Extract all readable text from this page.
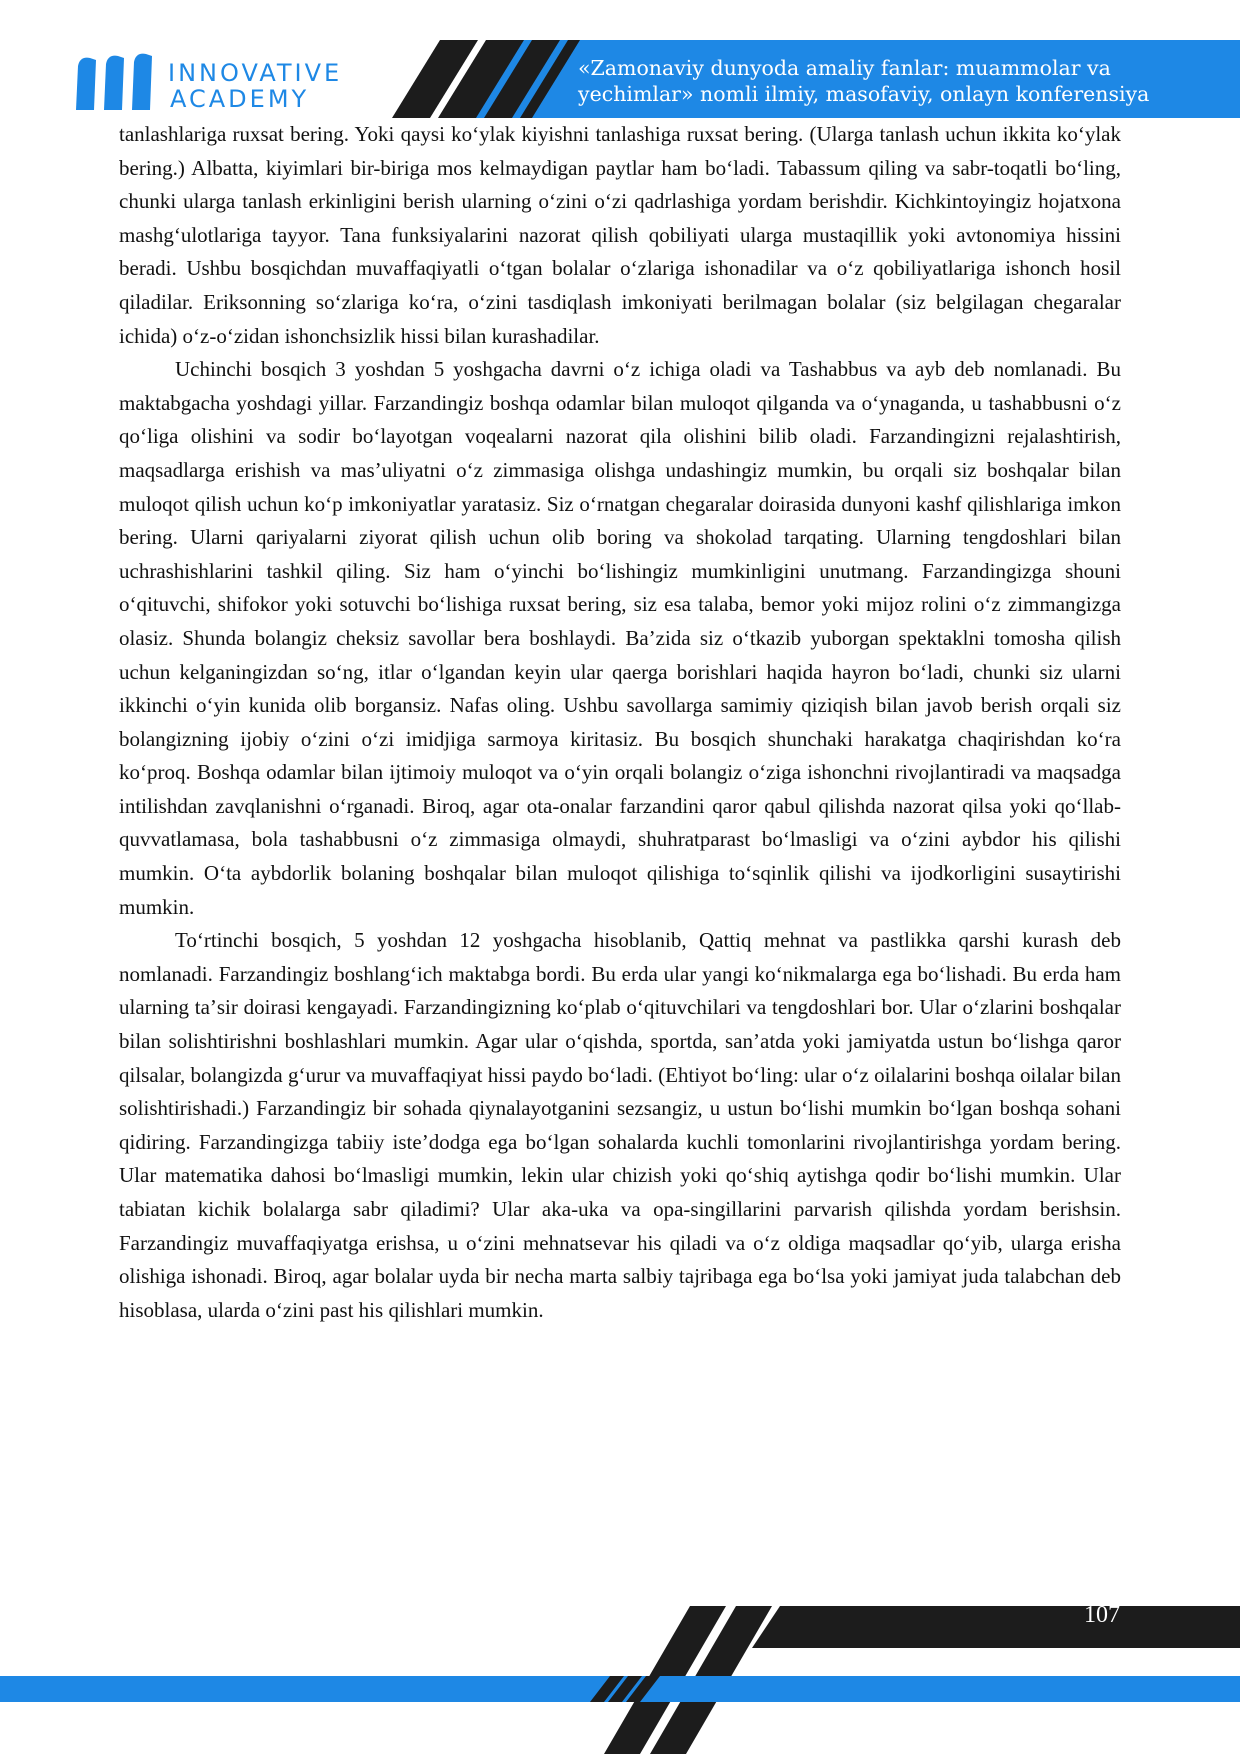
INNOVATIVE
ACADEMY
«Zamonaviy dunyoda amaliy fanlar: muammolar va
yechimlar» nomli ilmiy, masofaviy, onlayn konferensiya

tanlashlariga ruxsat bering. Yoki qaysi koʻylak kiyishni tanlashiga ruxsat bering. (Ularga tanlash uchun ikkita koʻylak bering.) Albatta, kiyimlari bir-biriga mos kelmaydigan paytlar ham boʻladi. Tabassum qiling va sabr-toqatli boʻling, chunki ularga tanlash erkinligini berish ularning oʻzini oʻzi qadrlashiga yordam berishdir. Kichkintoyingiz hojatxona mashgʻulotlariga tayyor. Tana funksiyalarini nazorat qilish qobiliyati ularga mustaqillik yoki avtonomiya hissini beradi. Ushbu bosqichdan muvaffaqiyatli oʻtgan bolalar oʻzlariga ishonadilar va oʻz qobiliyatlariga ishonch hosil qiladilar. Eriksonning soʻzlariga koʻra, oʻzini tasdiqlash imkoniyati berilmagan bolalar (siz belgilagan chegaralar ichida) oʻz-oʻzidan ishonchsizlik hissi bilan kurashadilar.

Uchinchi bosqich 3 yoshdan 5 yoshgacha davrni oʻz ichiga oladi va Tashabbus va ayb deb nomlanadi. Bu maktabgacha yoshdagi yillar. Farzandingiz boshqa odamlar bilan muloqot qilganda va oʻynaganda, u tashabbusni oʻz qoʻliga olishini va sodir boʻlayotgan voqealarni nazorat qila olishini bilib oladi. Farzandingizni rejalashtirish, maqsadlarga erishish va masʼuliyatni oʻz zimmasiga olishga undashingiz mumkin, bu orqali siz boshqalar bilan muloqot qilish uchun koʻp imkoniyatlar yaratasiz. Siz oʻrnatgan chegaralar doirasida dunyoni kashf qilishlariga imkon bering. Ularni qariyalarni ziyorat qilish uchun olib boring va shokolad tarqating. Ularning tengdoshlari bilan uchrashishlarini tashkil qiling. Siz ham oʻyinchi boʻlishingiz mumkinligini unutmang. Farzandingizga shouni oʻqituvchi, shifokor yoki sotuvchi boʻlishiga ruxsat bering, siz esa talaba, bemor yoki mijoz rolini oʻz zimmangizga olasiz. Shunda bolangiz cheksiz savollar bera boshlaydi. Baʼzida siz oʻtkazib yuborgan spektaklni tomosha qilish uchun kelganingizdan soʻng, itlar oʻlgandan keyin ular qaerga borishlari haqida hayron boʻladi, chunki siz ularni ikkinchi oʻyin kunida olib borgansiz. Nafas oling. Ushbu savollarga samimiy qiziqish bilan javob berish orqali siz bolangizning ijobiy oʻzini oʻzi imidjiga sarmoya kiritasiz. Bu bosqich shunchaki harakatga chaqirishdan koʻra koʻproq. Boshqa odamlar bilan ijtimoiy muloqot va oʻyin orqali bolangiz oʻziga ishonchni rivojlantiradi va maqsadga intilishdan zavqlanishni oʻrganadi. Biroq, agar ota-onalar farzandini qaror qabul qilishda nazorat qilsa yoki qoʻllab-quvvatlamasa, bola tashabbusni oʻz zimmasiga olmaydi, shuhratparast boʻlmasligi va oʻzini aybdor his qilishi mumkin. Oʻta aybdorlik bolaning boshqalar bilan muloqot qilishiga toʻsqinlik qilishi va ijodkorligini susaytirishi mumkin.

Toʻrtinchi bosqich, 5 yoshdan 12 yoshgacha hisoblanib, Qattiq mehnat va pastlikka qarshi kurash deb nomlanadi. Farzandingiz boshlangʻich maktabga bordi. Bu erda ular yangi koʻnikmalarga ega boʻlishadi. Bu erda ham ularning taʼsir doirasi kengayadi. Farzandingizning koʻplab oʻqituvchilari va tengdoshlari bor. Ular oʻzlarini boshqalar bilan solishtirishni boshlashlari mumkin. Agar ular oʻqishda, sportda, sanʼatda yoki jamiyatda ustun boʻlishga qaror qilsalar, bolangizda gʻurur va muvaffaqiyat hissi paydo boʻladi. (Ehtiyot boʻling: ular oʻz oilalarini boshqa oilalar bilan solishtirishadi.) Farzandingiz bir sohada qiynalayotganini sezsangiz, u ustun boʻlishi mumkin boʻlgan boshqa sohani qidiring. Farzandingizga tabiiy isteʼdodga ega boʻlgan sohalarda kuchli tomonlarini rivojlantirishga yordam bering. Ular matematika dahosi boʻlmasligi mumkin, lekin ular chizish yoki qoʻshiq aytishga qodir boʻlishi mumkin. Ular tabiatan kichik bolalarga sabr qiladimi? Ular aka-uka va opa-singillarini parvarish qilishda yordam berishsin. Farzandingiz muvaffaqiyatga erishsa, u oʻzini mehnatsevar his qiladi va oʻz oldiga maqsadlar qoʻyib, ularga erisha olishiga ishonadi. Biroq, agar bolalar uyda bir necha marta salbiy tajribaga ega boʻlsa yoki jamiyat juda talabchan deb hisoblasa, ularda oʻzini past his qilishlari mumkin.

107
